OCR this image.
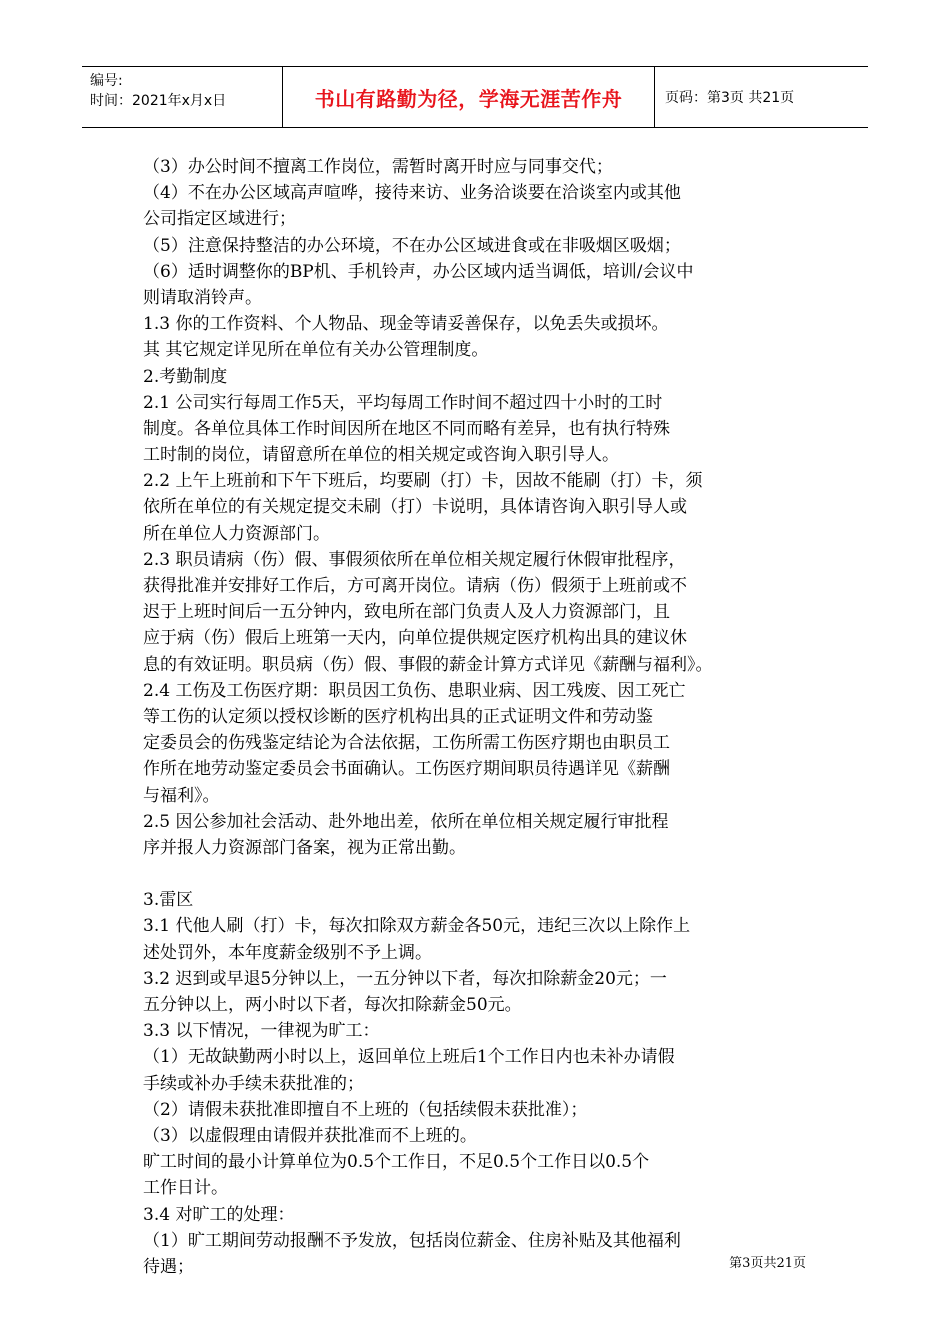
编号:
时间：2021年x月x日	书山有路勤为径，学海无涯苦作舟	页码：第3页 共21页
（3）办公时间不擅离工作岗位，需暂时离开时应与同事交代；
（4）不在办公区域高声喧哗，接待来访、业务洽谈要在洽谈室内或其他
公司指定区域进行；
（5）注意保持整洁的办公环境，不在办公区域进食或在非吸烟区吸烟；
（6）适时调整你的BP机、手机铃声，办公区域内适当调低，培训/会议中
则请取消铃声。
1.3 你的工作资料、个人物品、现金等请妥善保存，以免丢失或损坏。
其 其它规定详见所在单位有关办公管理制度。
2.考勤制度
2.1 公司实行每周工作5天，平均每周工作时间不超过四十小时的工时
制度。各单位具体工作时间因所在地区不同而略有差异，也有执行特殊
工时制的岗位，请留意所在单位的相关规定或咨询入职引导人。
2.2 上午上班前和下午下班后，均要刷（打）卡，因故不能刷（打）卡，须
依所在单位的有关规定提交未刷（打）卡说明，具体请咨询入职引导人或
所在单位人力资源部门。
2.3 职员请病（伤）假、事假须依所在单位相关规定履行休假审批程序，
获得批准并安排好工作后，方可离开岗位。请病（伤）假须于上班前或不
迟于上班时间后一五分钟内，致电所在部门负责人及人力资源部门，且
应于病（伤）假后上班第一天内，向单位提供规定医疗机构出具的建议休
息的有效证明。职员病（伤）假、事假的薪金计算方式详见《薪酬与福利》。
2.4 工伤及工伤医疗期：职员因工负伤、患职业病、因工残废、因工死亡
等工伤的认定须以授权诊断的医疗机构出具的正式证明文件和劳动鉴
定委员会的伤残鉴定结论为合法依据，工伤所需工伤医疗期也由职员工
作所在地劳动鉴定委员会书面确认。工伤医疗期间职员待遇详见《薪酬
与福利》。
2.5 因公参加社会活动、赴外地出差，依所在单位相关规定履行审批程
序并报人力资源部门备案，视为正常出勤。
3.雷区
3.1 代他人刷（打）卡，每次扣除双方薪金各50元，违纪三次以上除作上
述处罚外，本年度薪金级别不予上调。
3.2 迟到或早退5分钟以上，一五分钟以下者，每次扣除薪金20元；一
五分钟以上，两小时以下者，每次扣除薪金50元。
3.3 以下情况，一律视为旷工：
（1）无故缺勤两小时以上，返回单位上班后1个工作日内也未补办请假
手续或补办手续未获批准的；
（2）请假未获批准即擅自不上班的（包括续假未获批准）；
（3）以虚假理由请假并获批准而不上班的。
旷工时间的最小计算单位为0.5个工作日，不足0.5个工作日以0.5个
工作日计。
3.4 对旷工的处理：
（1）旷工期间劳动报酬不予发放，包括岗位薪金、住房补贴及其他福利
待遇；	第3页共21页
